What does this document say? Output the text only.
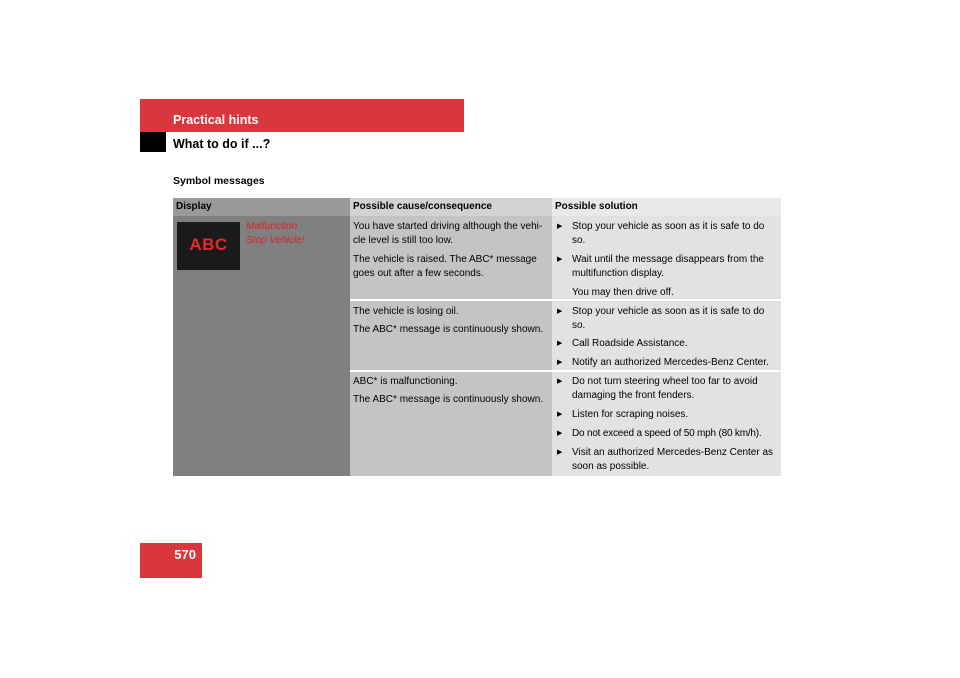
Practical hints
What to do if ...?
Symbol messages
Display	Possible cause/consequence	Possible solution
ABC
Malfunction
Stop Vehicle!
You have started driving although the vehi-
cle level is still too low.
The vehicle is raised. The ABC* message
goes out after a few seconds.
▶ Stop your vehicle as soon as it is safe to do
so.
▶ Wait until the message disappears from the
multifunction display.
You may then drive off.
The vehicle is losing oil.
The ABC* message is continuously shown.
▶ Stop your vehicle as soon as it is safe to do
so.
▶ Call Roadside Assistance.
▶ Notify an authorized Mercedes-Benz Center.
ABC* is malfunctioning.
The ABC* message is continuously shown.
▶ Do not turn steering wheel too far to avoid
damaging the front fenders.
▶ Listen for scraping noises.
▶ Do not exceed a speed of 50 mph (80 km/h).
▶ Visit an authorized Mercedes-Benz Center as
soon as possible.
570
